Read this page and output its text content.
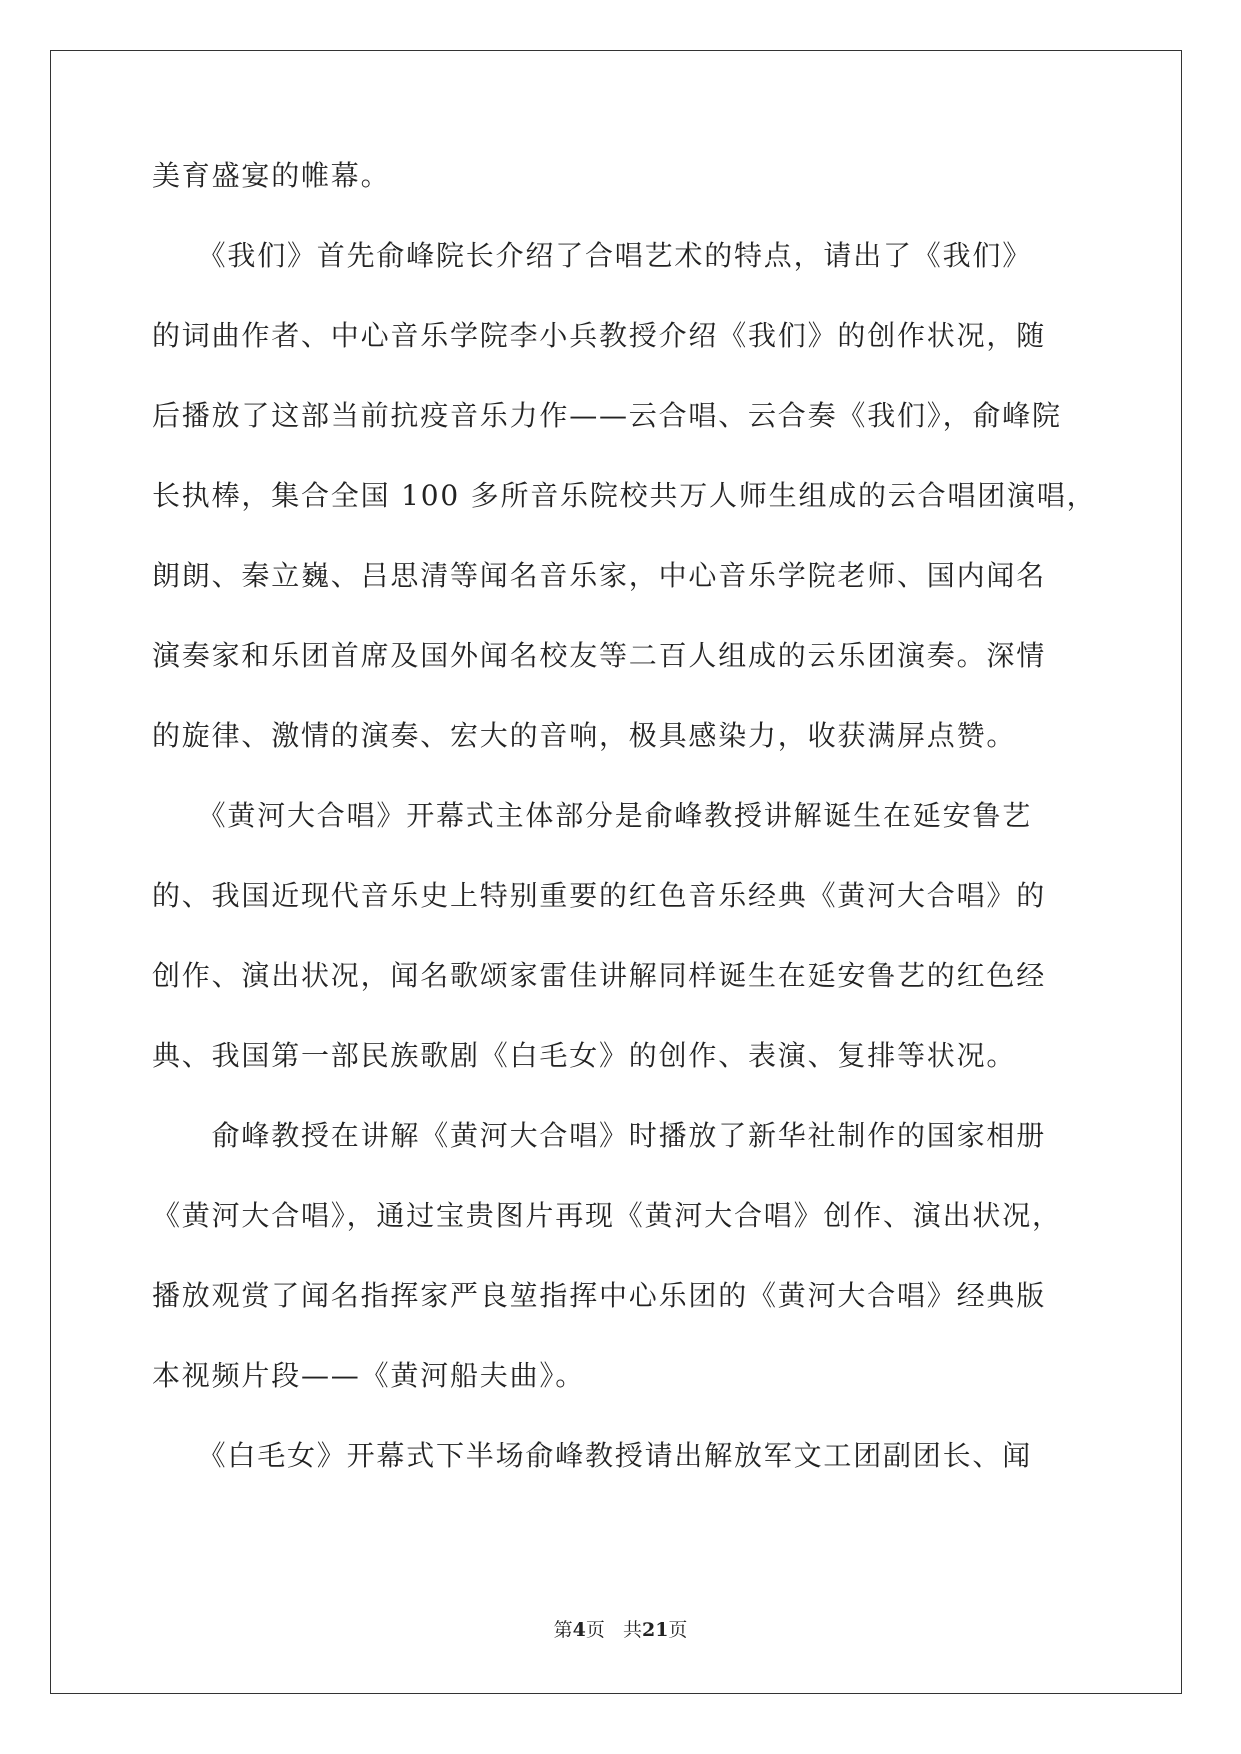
美育盛宴的帷幕。
　　《我们》首先俞峰院长介绍了合唱艺术的特点，请出了《我们》
的词曲作者、中心音乐学院李小兵教授介绍《我们》的创作状况，随
后播放了这部当前抗疫音乐力作——云合唱、云合奏《我们》，俞峰院
长执棒，集合全国 100 多所音乐院校共万人师生组成的云合唱团演唱，
朗朗、秦立巍、吕思清等闻名音乐家，中心音乐学院老师、国内闻名
演奏家和乐团首席及国外闻名校友等二百人组成的云乐团演奏。深情
的旋律、激情的演奏、宏大的音响，极具感染力，收获满屏点赞。
　　《黄河大合唱》开幕式主体部分是俞峰教授讲解诞生在延安鲁艺
的、我国近现代音乐史上特别重要的红色音乐经典《黄河大合唱》的
创作、演出状况，闻名歌颂家雷佳讲解同样诞生在延安鲁艺的红色经
典、我国第一部民族歌剧《白毛女》的创作、表演、复排等状况。
　　俞峰教授在讲解《黄河大合唱》时播放了新华社制作的国家相册
《黄河大合唱》，通过宝贵图片再现《黄河大合唱》创作、演出状况，
播放观赏了闻名指挥家严良堃指挥中心乐团的《黄河大合唱》经典版
本视频片段——《黄河船夫曲》。
　　《白毛女》开幕式下半场俞峰教授请出解放军文工团副团长、闻
第4页 共21页
